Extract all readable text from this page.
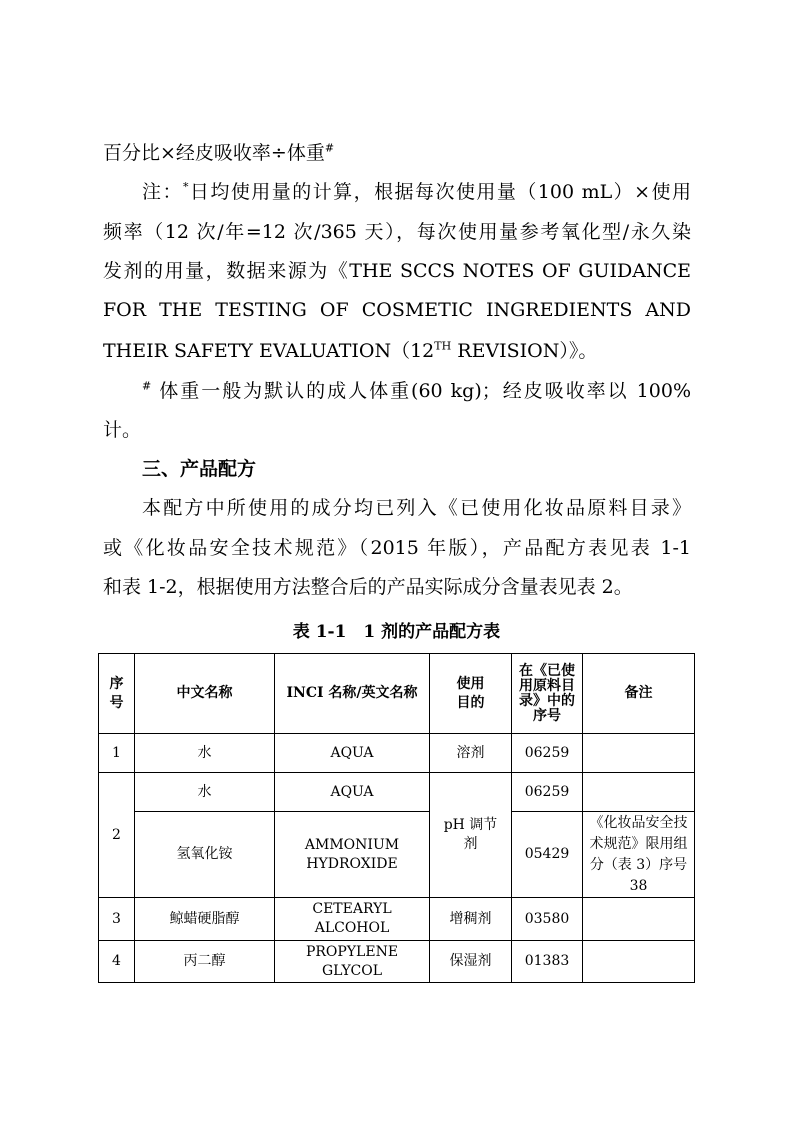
百分比×经皮吸收率÷体重#
注：*日均使用量的计算，根据每次使用量（100 mL）×使用
频率（12 次/年=12 次/365 天），每次使用量参考氧化型/永久染
发剂的用量，数据来源为《THE SCCS NOTES OF GUIDANCE
FOR THE TESTING OF COSMETIC INGREDIENTS AND
THEIR SAFETY EVALUATION（12TH REVISION）》。
# 体重一般为默认的成人体重(60 kg)；经皮吸收率以 100%
计。
三、产品配方
本配方中所使用的成分均已列入《已使用化妆品原料目录》
或《化妆品安全技术规范》（2015 年版），产品配方表见表 1-1
和表 1-2，根据使用方法整合后的产品实际成分含量表见表 2。
表 1-1　1 剂的产品配方表
序号	中文名称	INCI 名称/英文名称	使用目的	在《已使用原料目录》中的序号	备注
1	水	AQUA	溶剂	06259	
2	水	AQUA	pH 调节剂	06259	
	氢氧化铵	AMMONIUM HYDROXIDE		05429	《化妆品安全技术规范》限用组分（表 3）序号 38
3	鲸蜡硬脂醇	CETEARYL ALCOHOL	增稠剂	03580	
4	丙二醇	PROPYLENE GLYCOL	保湿剂	01383	
